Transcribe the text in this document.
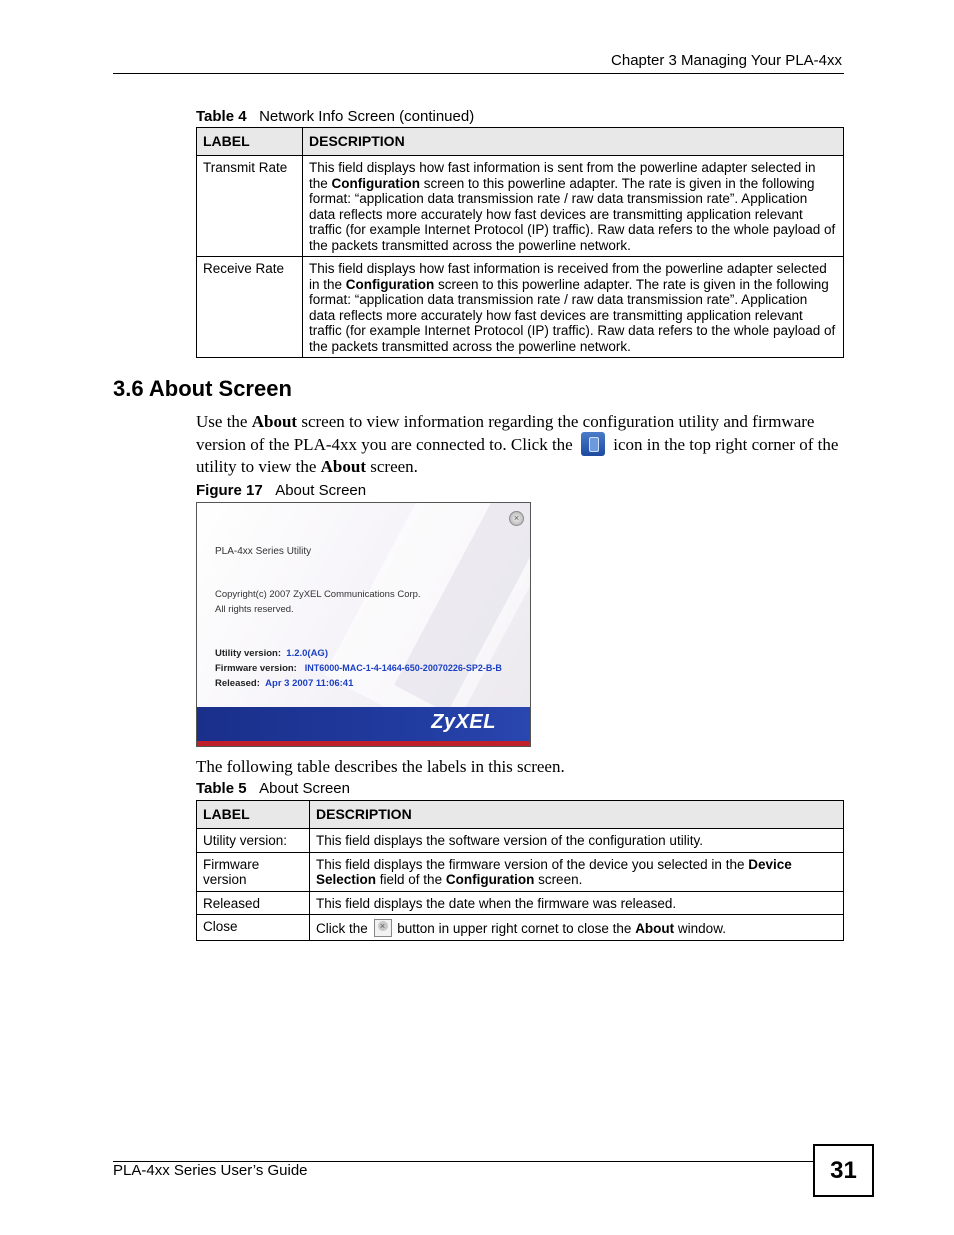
Chapter 3 Managing Your PLA-4xx
Table 4 Network Info Screen (continued)
LABEL	DESCRIPTION
Transmit Rate	This field displays how fast information is sent from the powerline adapter selected in the Configuration screen to this powerline adapter. The rate is given in the following format: “application data transmission rate / raw data transmission rate”. Application data reflects more accurately how fast devices are transmitting application relevant traffic (for example Internet Protocol (IP) traffic). Raw data refers to the whole payload of the packets transmitted across the powerline network.
Receive Rate	This field displays how fast information is received from the powerline adapter selected in the Configuration screen to this powerline adapter. The rate is given in the following format: “application data transmission rate / raw data transmission rate”. Application data reflects more accurately how fast devices are transmitting application relevant traffic (for example Internet Protocol (IP) traffic). Raw data refers to the whole payload of the packets transmitted across the powerline network.
3.6 About Screen
Use the About screen to view information regarding the configuration utility and firmware version of the PLA-4xx you are connected to. Click the  icon in the top right corner of the utility to view the About screen.
Figure 17 About Screen
×
PLA-4xx Series Utility
Copyright(c) 2007 ZyXEL Communications Corp.
All rights reserved.
Utility version: 1.2.0(AG)
Firmware version: INT6000-MAC-1-4-1464-650-20070226-SP2-B-B
Released: Apr 3 2007 11:06:41
ZyXEL
The following table describes the labels in this screen.
Table 5 About Screen
LABEL	DESCRIPTION
Utility version:	This field displays the software version of the configuration utility.
Firmware version	This field displays the firmware version of the device you selected in the Device Selection field of the Configuration screen.
Released	This field displays the date when the firmware was released.
Close	Click the × button in upper right cornet to close the About window.
PLA-4xx Series User’s Guide	31
